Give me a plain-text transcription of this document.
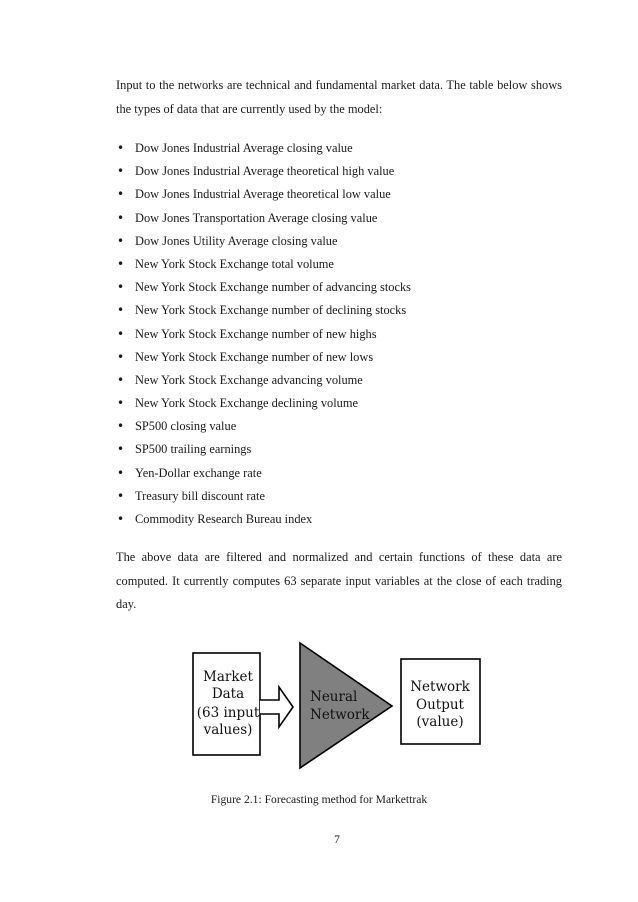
Input to the networks are technical and fundamental market data. The table below shows the types of data that are currently used by the model:

• Dow Jones Industrial Average closing value
• Dow Jones Industrial Average theoretical high value
• Dow Jones Industrial Average theoretical low value
• Dow Jones Transportation Average closing value
• Dow Jones Utility Average closing value
• New York Stock Exchange total volume
• New York Stock Exchange number of advancing stocks
• New York Stock Exchange number of declining stocks
• New York Stock Exchange number of new highs
• New York Stock Exchange number of new lows
• New York Stock Exchange advancing volume
• New York Stock Exchange declining volume
• SP500 closing value
• SP500 trailing earnings
• Yen-Dollar exchange rate
• Treasury bill discount rate
• Commodity Research Bureau index

The above data are filtered and normalized and certain functions of these data are computed. It currently computes 63 separate input variables at the close of each trading day.

Market
Data
(63 input
values)
Neural
Network
Network
Output
(value)

Figure 2.1: Forecasting method for Markettrak

7
